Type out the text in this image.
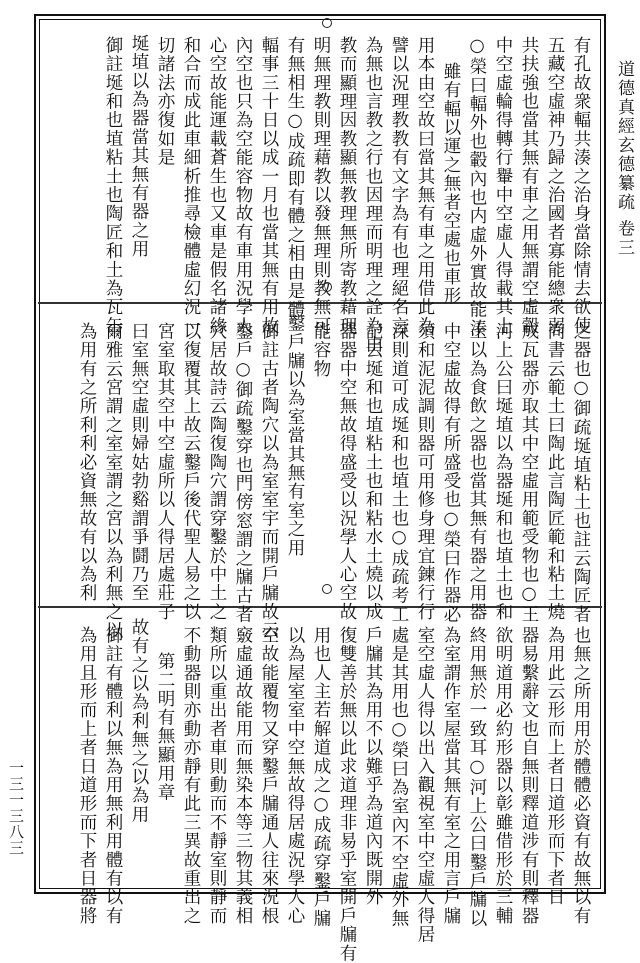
道德真經玄德纂疏 卷三
一三一三八三
有孔故衆輻共湊之治身當除情去欲使
五藏空虛神乃歸之治國者寡能總衆弱
共扶強也當其無有車之用無謂空虛轂
中空虛輪得轉行轝中空虛人得載其上
○榮曰輻外也轂內也内虛外實故能湊
雖有輻以運之無者空處也車形
用本由空故曰當其無有車之用借此為
譬以況理教教有文字為有也理絕名言
為無也言教之行也因理而明理之詮為由
教而顯理因教顯無教理無所寄教藉理
明無理教則理藉教以發無理則教無可
有無相生○成疏即有體之相由是體
輻事三十日以成一月也當其無有用故
內空也只為空能容物故有車用況學人
心空故能運載蒼生也又車是假名諸緣
和合而成此車細析推尋檢體虛幻況一
切諸法亦復如是
埏埴以為器當其無有器之用
御註埏和也埴粘土也陶匠和土為瓦缶
之器也○御疏埏埴粘土也註云陶匠者
尚書云範土曰陶此言陶匠範和粘土燒
成瓦器亦取其中空虛用範受物也○王
河上公曰埏埴以為器埏和也埴土也和
土以為食飲之器也當其無有器之用器
中空虛故得有所盛受也○榮曰作器必
須和泥泥調則器可用修身理宜鍊行行
深則道可成埏和也埴土也○成疏考工
記云埏和也埴粘土也和粘水土燒以成
器器中空無故得盛受以況學人心空故
能容物
鑿戶牖以為室當其無有室之用
御註古者陶穴以為室室宇而開戶牖故云
鑿戶○御疏鑿穿也門傍窓謂之牖古者
穴居故詩云陶復陶穴謂穿鑿於中土之
以復覆其上故云鑿戶後代聖人易之以
宮室取其空中空虛所以人得居處莊子
曰室無空虛則婦姑勃谿謂爭鬪乃至
爾雅云宮謂之室室謂之宮以為利無之以
為用有之所利利必資無故有以為利
也無之所用用於體體必資有故無以有
為用此云形而上者日道形而下者日
器易繫辭文也自無則釋道涉有則釋器
欲明道用必約形器以彰雖借形於三輔
終用無於一致耳○河上公曰鑿戶牖以
為室謂作室屋當其無有室之用言戶牖
室空虛人得以出入觀視室中空虛人得居
處是其用也○榮曰為室內不空虛外無
戶牖其為用不以難乎為道內既開外
復雙善於無以此求道理非易乎室開戶牖有
用也人主若解道成之○成疏穿鑿戶牖
以為屋室室中空無故得居處況學人心
空故能覆物又穿鑿戶牖通人往來況根
竅虛通故能用而無染本等三物其義相
類所以重出者車則動而不靜室則靜而
不動器則亦動亦靜有此三異故重出之
第二明有無顯用章
故有之以為利無之以為用
御註有體利以無為用無利用體有以有
為用且形而上者日道形而下者日器將
